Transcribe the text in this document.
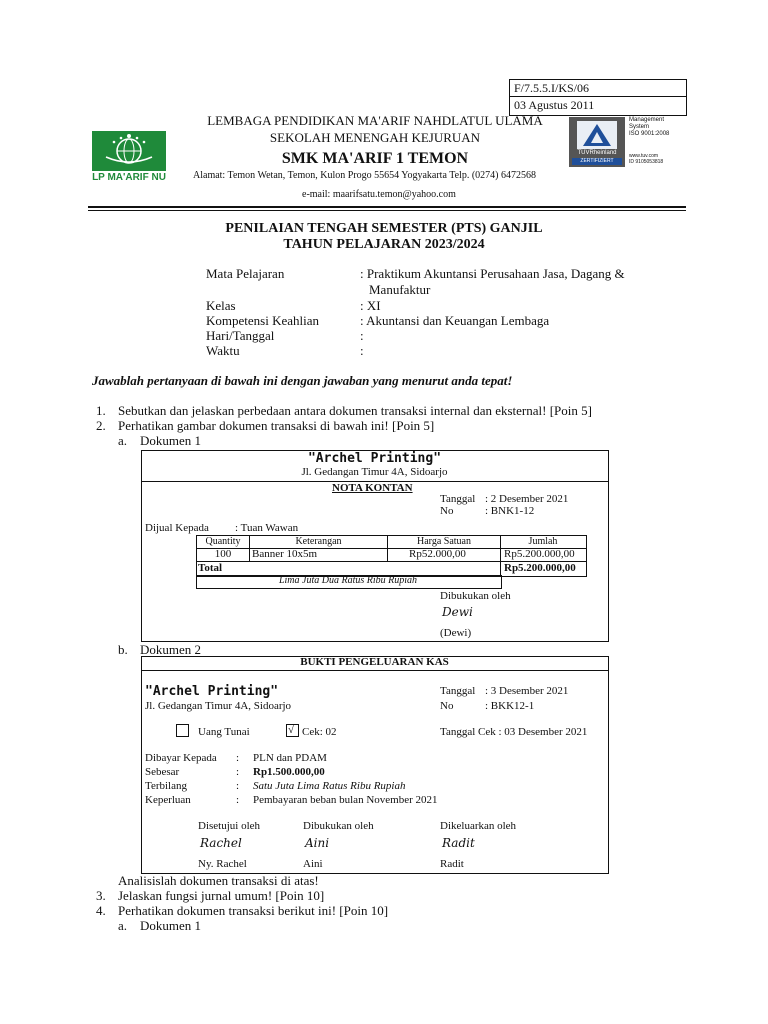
F/7.5.5.I/KS/06
03 Agustus 2011
LP MA'ARIF NU
LEMBAGA PENDIDIKAN MA'ARIF NAHDLATUL ULAMA
SEKOLAH MENENGAH KEJURUAN
SMK MA'ARIF 1 TEMON
Alamat: Temon Wetan, Temon, Kulon Progo 55654 Yogyakarta Telp. (0274) 6472568
e-mail: maarifsatu.temon@yahoo.com
TÜVRheinland
ZERTIFIZIERT
Management
System
ISO 9001:2008
www.tuv.com
ID 9105053818
PENILAIAN TENGAH SEMESTER (PTS) GANJIL
TAHUN PELAJARAN 2023/2024
Mata Pelajaran	: Praktikum Akuntansi Perusahaan Jasa, Dagang &
Manufaktur
Kelas	: XI
Kompetensi Keahlian	: Akuntansi dan Keuangan Lembaga
Hari/Tanggal	:
Waktu	:
Jawablah pertanyaan di bawah ini dengan jawaban yang menurut anda tepat!
1. Sebutkan dan jelaskan perbedaan antara dokumen transaksi internal dan eksternal! [Poin 5]
2. Perhatikan gambar dokumen transaksi di bawah ini! [Poin 5]
a. Dokumen 1
"Archel Printing"
Jl. Gedangan Timur 4A, Sidoarjo
NOTA KONTAN
Tanggal : 2 Desember 2021
No	: BNK1-12
Dijual Kepada : Tuan Wawan
Quantity	Keterangan	Harga Satuan	Jumlah
100	Banner 10x5m	Rp52.000,00	Rp5.200.000,00
Total	Rp5.200.000,00
Lima Juta Dua Ratus Ribu Rupiah
Dibukukan oleh
Dewi
(Dewi)
b. Dokumen 2
BUKTI PENGELUARAN KAS
"Archel Printing"
Jl. Gedangan Timur 4A, Sidoarjo
Tanggal : 3 Desember 2021
No	: BKK12-1
Uang Tunai	√ Cek: 02	Tanggal Cek : 03 Desember 2021
Dibayar Kepada : PLN dan PDAM
Sebesar	: Rp1.500.000,00
Terbilang	: Satu Juta Lima Ratus Ribu Rupiah
Keperluan	: Pembayaran beban bulan November 2021
Disetujui oleh
Rachel
Ny. Rachel
Dibukukan oleh
Aini
Aini
Dikeluarkan oleh
Radit
Radit
Analisislah dokumen transaksi di atas!
3. Jelaskan fungsi jurnal umum! [Poin 10]
4. Perhatikan dokumen transaksi berikut ini! [Poin 10]
a. Dokumen 1
